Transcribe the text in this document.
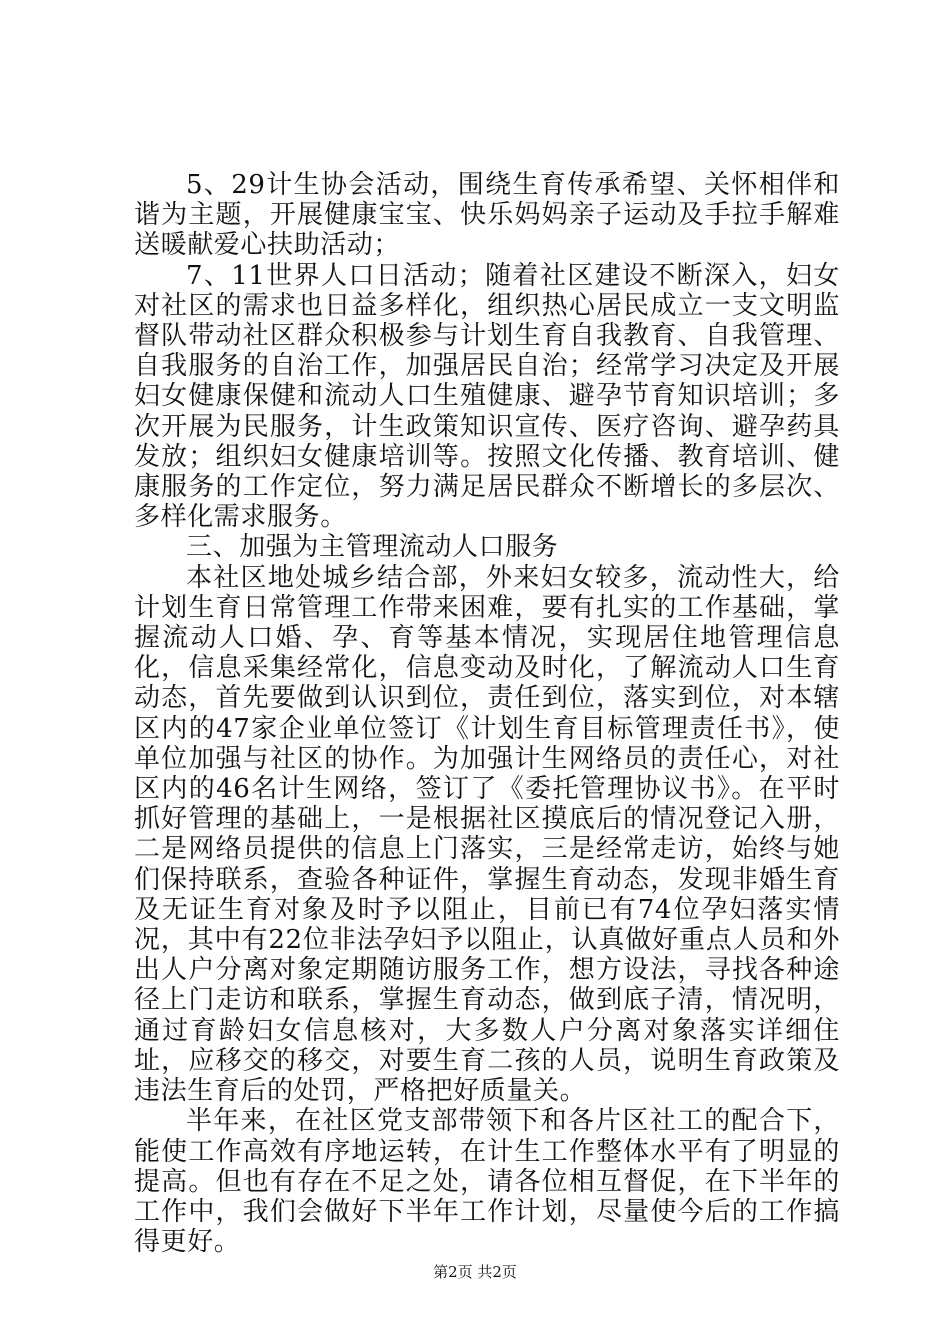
5、29计生协会活动，围绕生育传承希望、关怀相伴和谐为主题，开展健康宝宝、快乐妈妈亲子运动及手拉手解难送暖献爱心扶助活动；

7、11世界人口日活动；随着社区建设不断深入，妇女对社区的需求也日益多样化，组织热心居民成立一支文明监督队带动社区群众积极参与计划生育自我教育、自我管理、自我服务的自治工作，加强居民自治；经常学习决定及开展妇女健康保健和流动人口生殖健康、避孕节育知识培训；多次开展为民服务，计生政策知识宣传、医疗咨询、避孕药具发放；组织妇女健康培训等。按照文化传播、教育培训、健康服务的工作定位，努力满足居民群众不断增长的多层次、多样化需求服务。

三、加强为主管理流动人口服务

本社区地处城乡结合部，外来妇女较多，流动性大，给计划生育日常管理工作带来困难，要有扎实的工作基础，掌握流动人口婚、孕、育等基本情况，实现居住地管理信息化，信息采集经常化，信息变动及时化，了解流动人口生育动态，首先要做到认识到位，责任到位，落实到位，对本辖区内的47家企业单位签订《计划生育目标管理责任书》，使单位加强与社区的协作。为加强计生网络员的责任心，对社区内的46名计生网络，签订了《委托管理协议书》。在平时抓好管理的基础上，一是根据社区摸底后的情况登记入册，二是网络员提供的信息上门落实，三是经常走访，始终与她们保持联系，查验各种证件，掌握生育动态，发现非婚生育及无证生育对象及时予以阻止，目前已有74位孕妇落实情况，其中有22位非法孕妇予以阻止，认真做好重点人员和外出人户分离对象定期随访服务工作，想方设法，寻找各种途径上门走访和联系，掌握生育动态，做到底子清，情况明，通过育龄妇女信息核对，大多数人户分离对象落实详细住址，应移交的移交，对要生育二孩的人员，说明生育政策及违法生育后的处罚，严格把好质量关。

半年来，在社区党支部带领下和各片区社工的配合下，能使工作高效有序地运转，在计生工作整体水平有了明显的提高。但也有存在不足之处，请各位相互督促，在下半年的工作中，我们会做好下半年工作计划，尽量使今后的工作搞得更好。

第2页 共2页
